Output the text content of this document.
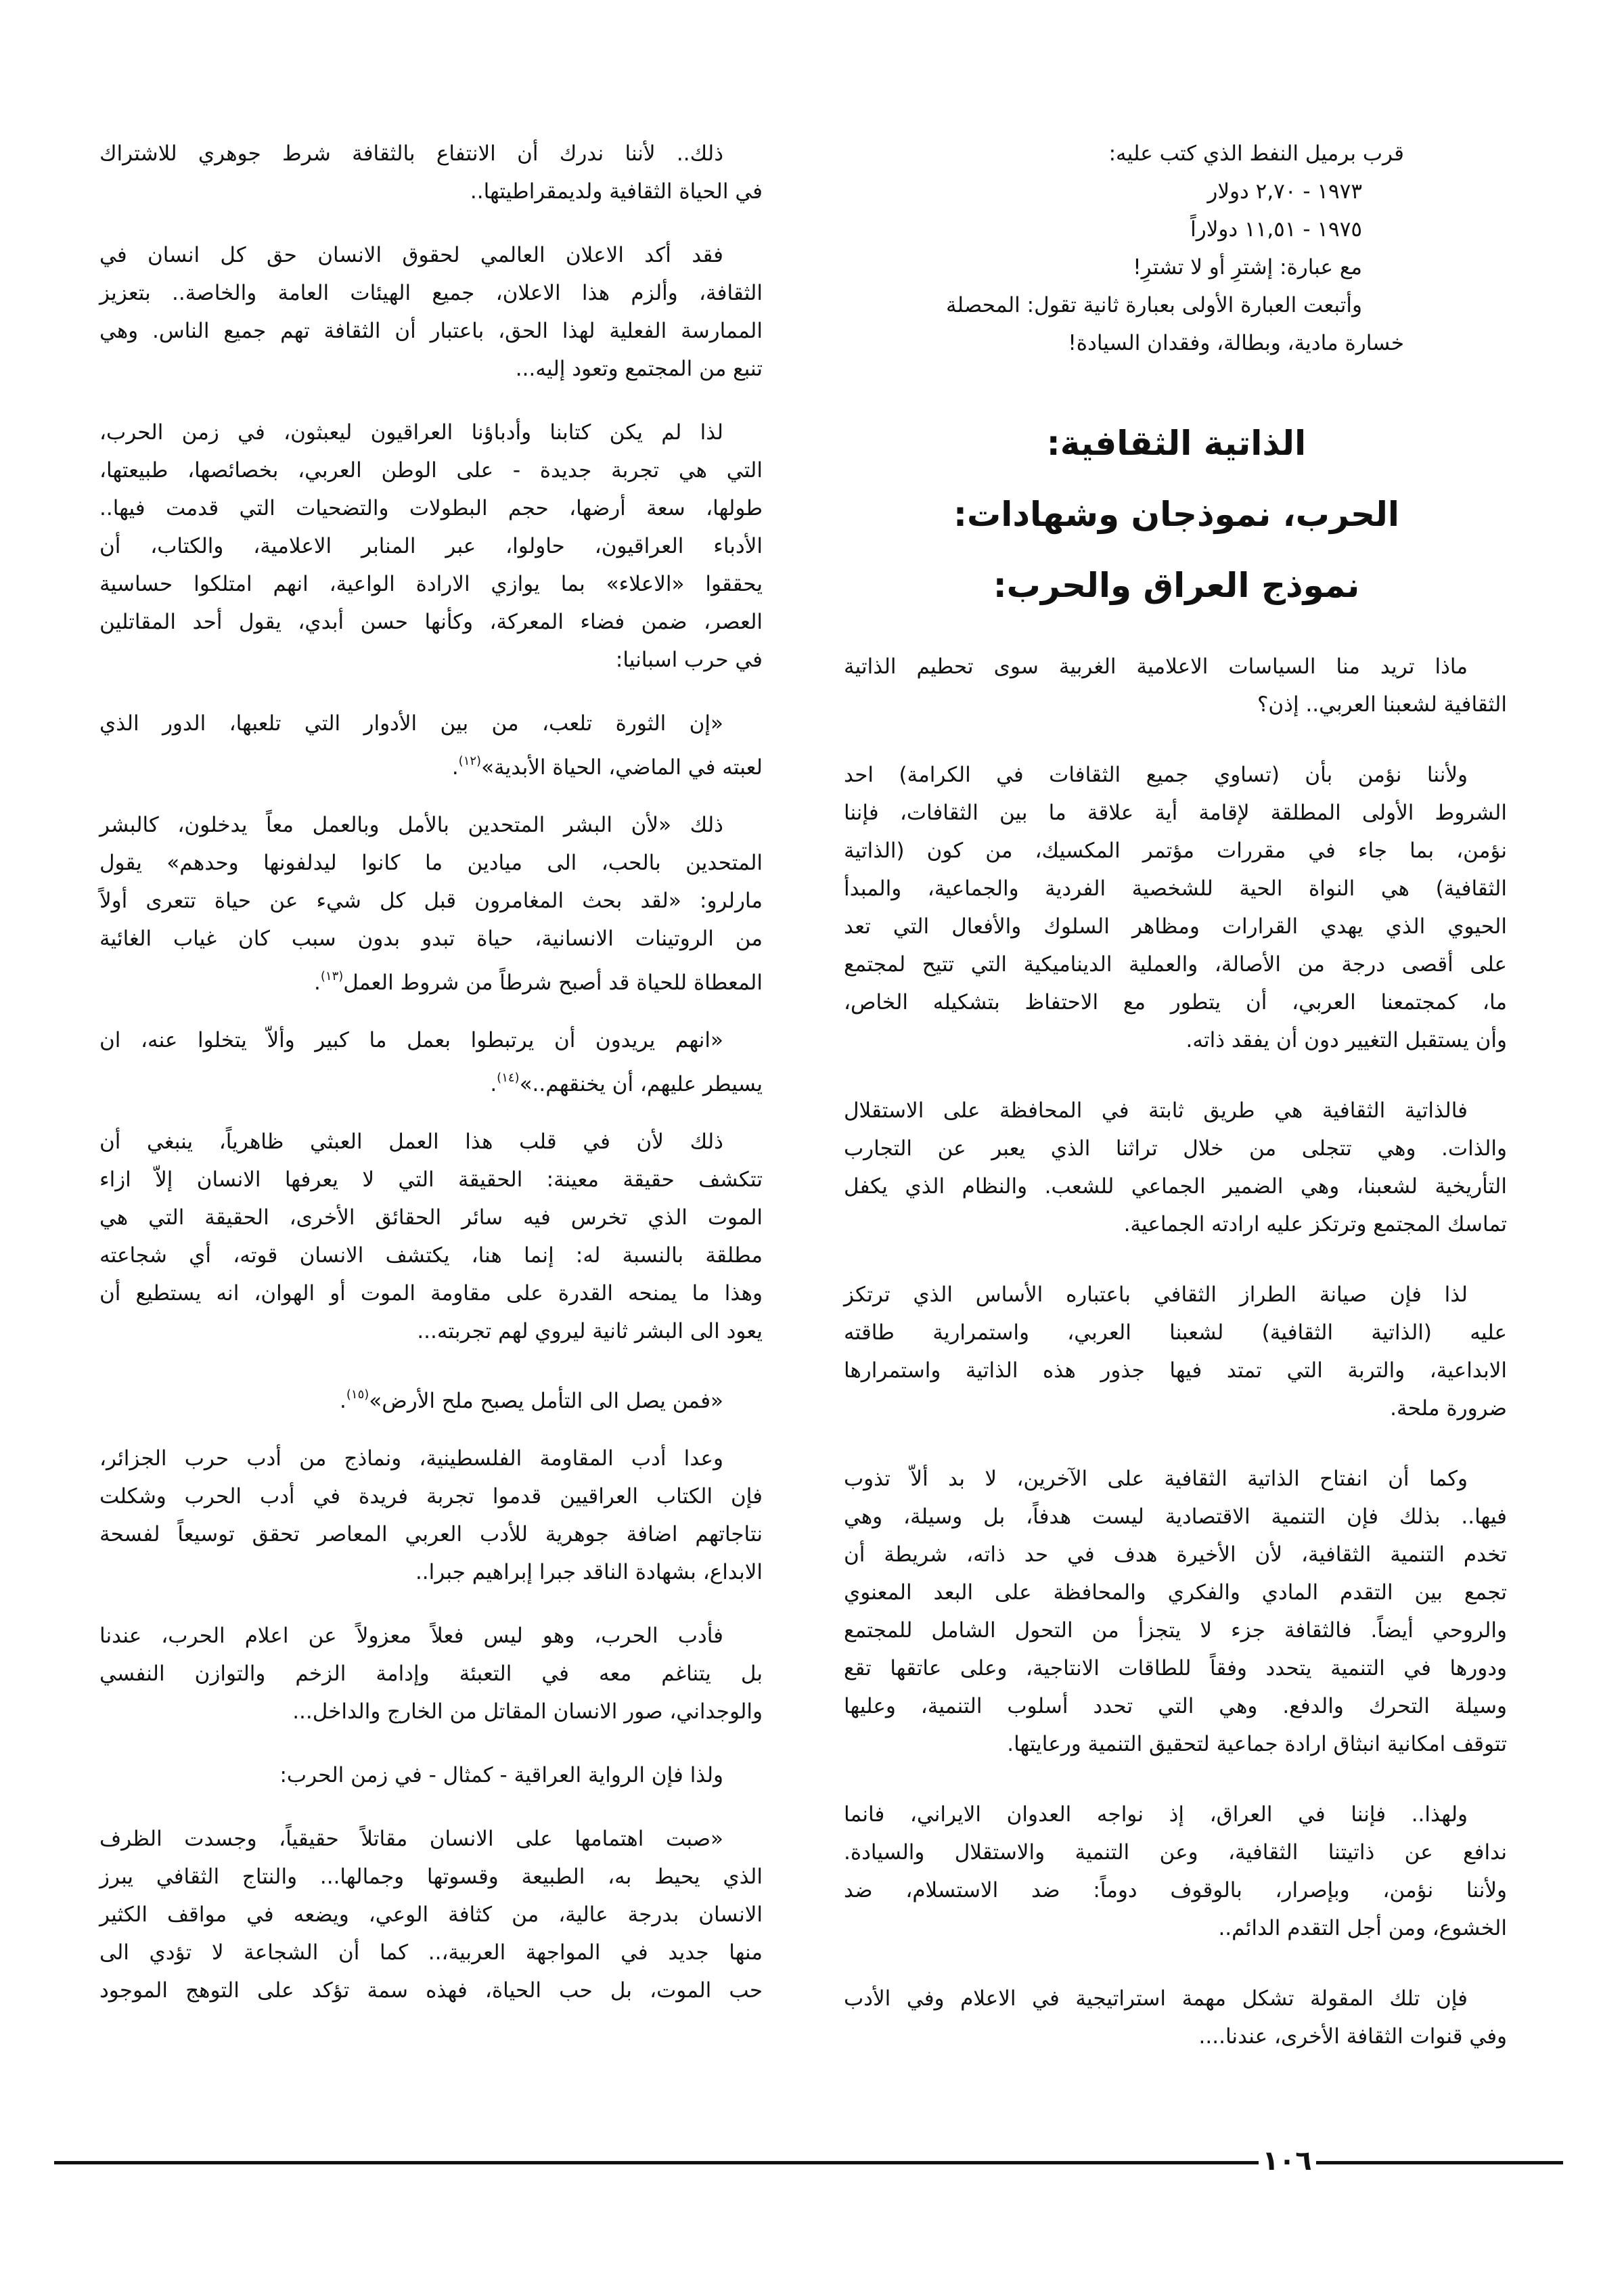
قرب برميل النفط الذي كتب عليه:
١٩٧٣ - ٢,٧٠ دولار
١٩٧٥ - ١١,٥١ دولاراً
مع عبارة: إشترِ أو لا تشترِ!
وأتبعت العبارة الأولى بعبارة ثانية تقول: المحصلة
خسارة مادية، وبطالة، وفقدان السيادة!
الذاتية الثقافية:
الحرب، نموذجان وشهادات:
نموذج العراق والحرب:
ماذا تريد منا السياسات الاعلامية الغربية سوى تحطيم الذاتية
الثقافية لشعبنا العربي.. إذن؟
ولأننا نؤمن بأن (تساوي جميع الثقافات في الكرامة) احد
الشروط الأولى المطلقة لإقامة أية علاقة ما بين الثقافات، فإننا
نؤمن، بما جاء في مقررات مؤتمر المكسيك، من كون (الذاتية
الثقافية) هي النواة الحية للشخصية الفردية والجماعية، والمبدأ
الحيوي الذي يهدي القرارات ومظاهر السلوك والأفعال التي تعد
على أقصى درجة من الأصالة، والعملية الديناميكية التي تتيح لمجتمع
ما، كمجتمعنا العربي، أن يتطور مع الاحتفاظ بتشكيله الخاص،
وأن يستقبل التغيير دون أن يفقد ذاته.
فالذاتية الثقافية هي طريق ثابتة في المحافظة على الاستقلال
والذات. وهي تتجلى من خلال تراثنا الذي يعبر عن التجارب
التأريخية لشعبنا، وهي الضمير الجماعي للشعب. والنظام الذي يكفل
تماسك المجتمع وترتكز عليه ارادته الجماعية.
لذا فإن صيانة الطراز الثقافي باعتباره الأساس الذي ترتكز
عليه (الذاتية الثقافية) لشعبنا العربي، واستمرارية طاقته
الابداعية، والتربة التي تمتد فيها جذور هذه الذاتية واستمرارها
ضرورة ملحة.
وكما أن انفتاح الذاتية الثقافية على الآخرين، لا بد ألاّ تذوب
فيها.. بذلك فإن التنمية الاقتصادية ليست هدفاً، بل وسيلة، وهي
تخدم التنمية الثقافية، لأن الأخيرة هدف في حد ذاته، شريطة أن
تجمع بين التقدم المادي والفكري والمحافظة على البعد المعنوي
والروحي أيضاً. فالثقافة جزء لا يتجزأ من التحول الشامل للمجتمع
ودورها في التنمية يتحدد وفقاً للطاقات الانتاجية، وعلى عاتقها تقع
وسيلة التحرك والدفع. وهي التي تحدد أسلوب التنمية، وعليها
تتوقف امكانية انبثاق ارادة جماعية لتحقيق التنمية ورعايتها.
ولهذا.. فإننا في العراق، إذ نواجه العدوان الايراني، فانما
ندافع عن ذاتيتنا الثقافية، وعن التنمية والاستقلال والسيادة.
ولأننا نؤمن، وبإصرار، بالوقوف دوماً: ضد الاستسلام، ضد
الخشوع، ومن أجل التقدم الدائم..
فإن تلك المقولة تشكل مهمة استراتيجية في الاعلام وفي الأدب
وفي قنوات الثقافة الأخرى، عندنا....
ذلك.. لأننا ندرك أن الانتفاع بالثقافة شرط جوهري للاشتراك
في الحياة الثقافية ولديمقراطيتها..
فقد أكد الاعلان العالمي لحقوق الانسان حق كل انسان في
الثقافة، وألزم هذا الاعلان، جميع الهيئات العامة والخاصة.. بتعزيز
الممارسة الفعلية لهذا الحق، باعتبار أن الثقافة تهم جميع الناس. وهي
تنبع من المجتمع وتعود إليه...
لذا لم يكن كتابنا وأدباؤنا العراقيون ليعبثون، في زمن الحرب،
التي هي تجربة جديدة - على الوطن العربي، بخصائصها، طبيعتها،
طولها، سعة أرضها، حجم البطولات والتضحيات التي قدمت فيها..
الأدباء العراقيون، حاولوا، عبر المنابر الاعلامية، والكتاب، أن
يحققوا «الاعلاء» بما يوازي الارادة الواعية، انهم امتلكوا حساسية
العصر، ضمن فضاء المعركة، وكأنها حسن أبدي، يقول أحد المقاتلين
في حرب اسبانيا:
«إن الثورة تلعب، من بين الأدوار التي تلعبها، الدور الذي
لعبته في الماضي، الحياة الأبدية»$^{(١٢)}$.
ذلك «لأن البشر المتحدين بالأمل وبالعمل معاً يدخلون، كالبشر
المتحدين بالحب، الى ميادين ما كانوا ليدلفونها وحدهم» يقول
مارلرو: «لقد بحث المغامرون قبل كل شيء عن حياة تتعرى أولاً
من الروتينات الانسانية، حياة تبدو بدون سبب كان غياب الغائية
المعطاة للحياة قد أصبح شرطاً من شروط العمل$^{(١٣)}$.
«انهم يريدون أن يرتبطوا بعمل ما كبير وألاّ يتخلوا عنه، ان
يسيطر عليهم، أن يخنقهم..»$^{(١٤)}$.
ذلك لأن في قلب هذا العمل العبثي ظاهرياً، ينبغي أن
تتكشف حقيقة معينة: الحقيقة التي لا يعرفها الانسان إلاّ ازاء
الموت الذي تخرس فيه سائر الحقائق الأخرى، الحقيقة التي هي
مطلقة بالنسبة له: إنما هنا، يكتشف الانسان قوته، أي شجاعته
وهذا ما يمنحه القدرة على مقاومة الموت أو الهوان، انه يستطيع أن
يعود الى البشر ثانية ليروي لهم تجربته...
«فمن يصل الى التأمل يصبح ملح الأرض»$^{(١٥)}$.
وعدا أدب المقاومة الفلسطينية، ونماذج من أدب حرب الجزائر،
فإن الكتاب العراقيين قدموا تجربة فريدة في أدب الحرب وشكلت
نتاجاتهم اضافة جوهرية للأدب العربي المعاصر تحقق توسيعاً لفسحة
الابداع، بشهادة الناقد جبرا إبراهيم جبرا..
فأدب الحرب، وهو ليس فعلاً معزولاً عن اعلام الحرب، عندنا
بل يتناغم معه في التعبئة وإدامة الزخم والتوازن النفسي
والوجداني، صور الانسان المقاتل من الخارج والداخل...
ولذا فإن الرواية العراقية - كمثال - في زمن الحرب:
«صبت اهتمامها على الانسان مقاتلاً حقيقياً، وجسدت الظرف
الذي يحيط به، الطبيعة وقسوتها وجمالها... والنتاج الثقافي يبرز
الانسان بدرجة عالية، من كثافة الوعي، ويضعه في مواقف الكثير
منها جديد في المواجهة العربية،.. كما أن الشجاعة لا تؤدي الى
حب الموت، بل حب الحياة، فهذه سمة تؤكد على التوهج الموجود
١٠٦
